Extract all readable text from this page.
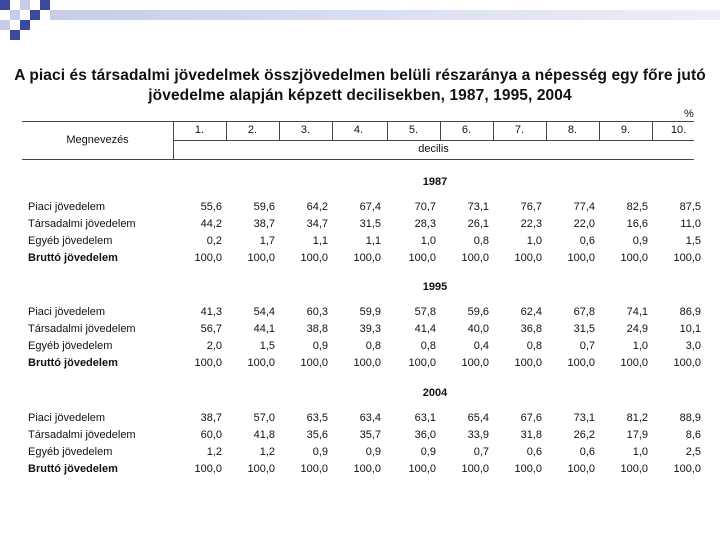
A piaci és társadalmi jövedelmek összjövedelmen belüli részaránya a népesség egy főre jutó
jövedelme alapján képzett decilisekben, 1987, 1995, 2004
%
Megnevezés
1.	2.	3.	4.	5.	6.	7.	8.	9.	10.
decilis
1987
Piaci jövedelem	55,6	59,6	64,2	67,4	70,7	73,1	76,7	77,4	82,5	87,5
Társadalmi jövedelem	44,2	38,7	34,7	31,5	28,3	26,1	22,3	22,0	16,6	11,0
Egyéb jövedelem	0,2	1,7	1,1	1,1	1,0	0,8	1,0	0,6	0,9	1,5
Bruttó jövedelem	100,0	100,0	100,0	100,0	100,0	100,0	100,0	100,0	100,0	100,0
1995
Piaci jövedelem	41,3	54,4	60,3	59,9	57,8	59,6	62,4	67,8	74,1	86,9
Társadalmi jövedelem	56,7	44,1	38,8	39,3	41,4	40,0	36,8	31,5	24,9	10,1
Egyéb jövedelem	2,0	1,5	0,9	0,8	0,8	0,4	0,8	0,7	1,0	3,0
Bruttó jövedelem	100,0	100,0	100,0	100,0	100,0	100,0	100,0	100,0	100,0	100,0
2004
Piaci jövedelem	38,7	57,0	63,5	63,4	63,1	65,4	67,6	73,1	81,2	88,9
Társadalmi jövedelem	60,0	41,8	35,6	35,7	36,0	33,9	31,8	26,2	17,9	8,6
Egyéb jövedelem	1,2	1,2	0,9	0,9	0,9	0,7	0,6	0,6	1,0	2,5
Bruttó jövedelem	100,0	100,0	100,0	100,0	100,0	100,0	100,0	100,0	100,0	100,0
